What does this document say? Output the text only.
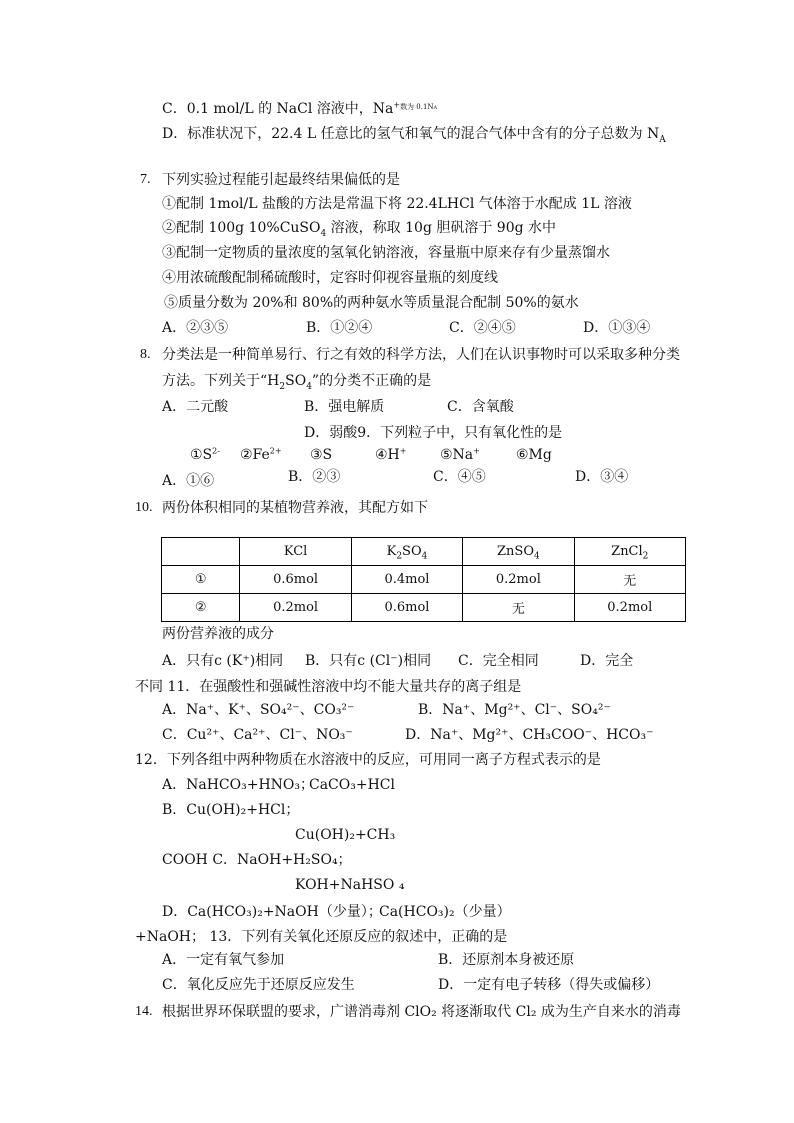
C．0.1 mol/L 的 NaCl 溶液中，$Na^{+数为 0.1NA}$
D．标准状况下，22.4 L 任意比的氢气和氧气的混合气体中含有的分子总数为 $N_A$
7. 下列实验过程能引起最终结果偏低的是
①配制 1mol/L 盐酸的方法是常温下将 22.4LHCl 气体溶于水配成 1L 溶液
②配制 100g 10%CuSO$_4$ 溶液，称取 10g 胆矾溶于 90g 水中
③配制一定物质的量浓度的氢氧化钠溶液，容量瓶中原来存有少量蒸馏水
④用浓硫酸配制稀硫酸时，定容时仰视容量瓶的刻度线
⑤质量分数为 20%和 80%的两种氨水等质量混合配制 50%的氨水
A．②③⑤	B．①②④	C．②④⑤	D．①③④
8. 分类法是一种简单易行、行之有效的科学方法，人们在认识事物时可以采取多种分类
方法。下列关于“$H_2SO_4$”的分类不正确的是
A．二元酸	B．强电解质	C．含氧酸
D．弱酸9．下列粒子中，只有氧化性的是
$①S^{2-}$ $②Fe^{2+}$ ③S	④H+ ⑤Na+	⑥Mg
A．①⑥	B．②③	C．④⑤	D．③④
10. 两份体积相同的某植物营养液，其配方如下
	KCl	$K_2SO_4$	ZnSO$_4$	ZnCl$_2$
①	0.6mol	0.4mol	0.2mol	无
②	0.2mol	0.6mol	无	0.2mol
两份营养液的成分
A．只有c (K⁺)相同 B．只有c (Cl⁻)相同 C．完全相同	D．完全
不同 11．在强酸性和强碱性溶液中均不能大量共存的离子组是
A．Na⁺、K⁺、SO₄²⁻、CO₃²⁻	B．Na⁺、Mg²⁺、Cl⁻、SO₄²⁻
C．Cu²⁺、Ca²⁺、Cl⁻、NO₃⁻	D．Na⁺、Mg²⁺、CH₃COO⁻、HCO₃⁻
12．下列各组中两种物质在水溶液中的反应，可用同一离子方程式表示的是
A．NaHCO₃+HNO₃；
CaCO₃+HCl
B．Cu(OH)₂+HCl；
Cu(OH)₂+CH₃
COOH C．NaOH+H₂SO₄；
KOH+NaHSO ₄
D．Ca(HCO₃)₂+NaOH（少量）；
Ca(HCO₃)₂（少量）
+NaOH； 13．下列有关氧化还原反应的叙述中，正确的是
A．一定有氧气参加	B．还原剂本身被还原
C．氧化反应先于还原反应发生	D．一定有电子转移（得失或偏移）
14. 根据世界环保联盟的要求，广谱消毒剂 ClO₂ 将逐渐取代 Cl₂ 成为生产自来水的消毒
